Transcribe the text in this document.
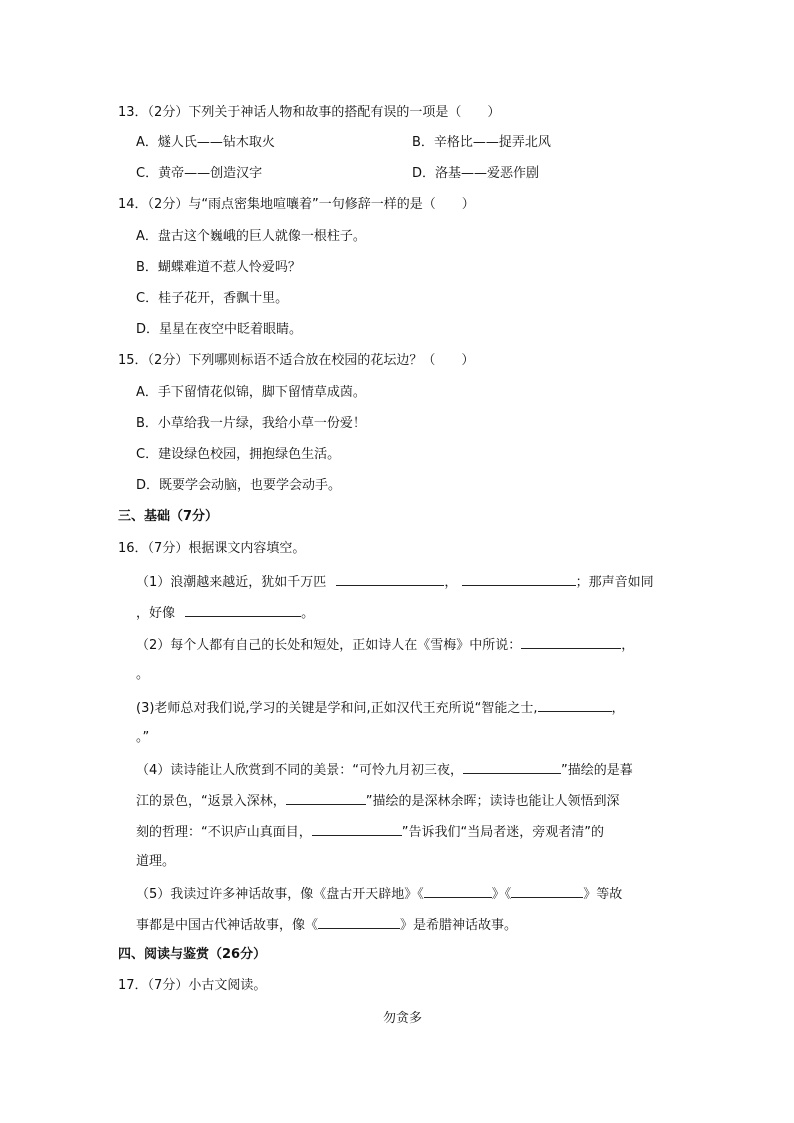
13．（2分）下列关于神话人物和故事的搭配有误的一项是（　　）
A．燧人氏——钻木取火	B．辛格比——捉弄北风
C．黄帝——创造汉字	D．洛基——爱恶作剧
14．（2分）与“雨点密集地喧嚷着”一句修辞一样的是（　　）
A．盘古这个巍峨的巨人就像一根柱子。
B．蝴蝶难道不惹人怜爱吗？
C．桂子花开，香飘十里。
D．星星在夜空中眨着眼睛。
15．（2分）下列哪则标语不适合放在校园的花坛边？（　　）
A．手下留情花似锦，脚下留情草成茵。
B．小草给我一片绿，我给小草一份爱！
C．建设绿色校园，拥抱绿色生活。
D．既要学会动脑，也要学会动手。
三、基础（7分）
16．（7分）根据课文内容填空。
（1）浪潮越来越近，犹如千万匹	，	；那声音如同
，好像	。
（2）每个人都有自己的长处和短处，正如诗人在《雪梅》中所说：	，
。
(3)老师总对我们说,学习的关键是学和问,正如汉代王充所说“智能之士,	，
。”
（4）读诗能让人欣赏到不同的美景：“可怜九月初三夜，	”描绘的是暮
江的景色，“返景入深林，	”描绘的是深林余晖；读诗也能让人领悟到深
刻的哲理：“不识庐山真面目，	”告诉我们“当局者迷，旁观者清”的
道理。
（5）我读过许多神话故事，像《盘古开天辟地》《	》《	》等故
事都是中国古代神话故事，像《	》是希腊神话故事。
四、阅读与鉴赏（26分）
17．（7分）小古文阅读。
勿贪多
